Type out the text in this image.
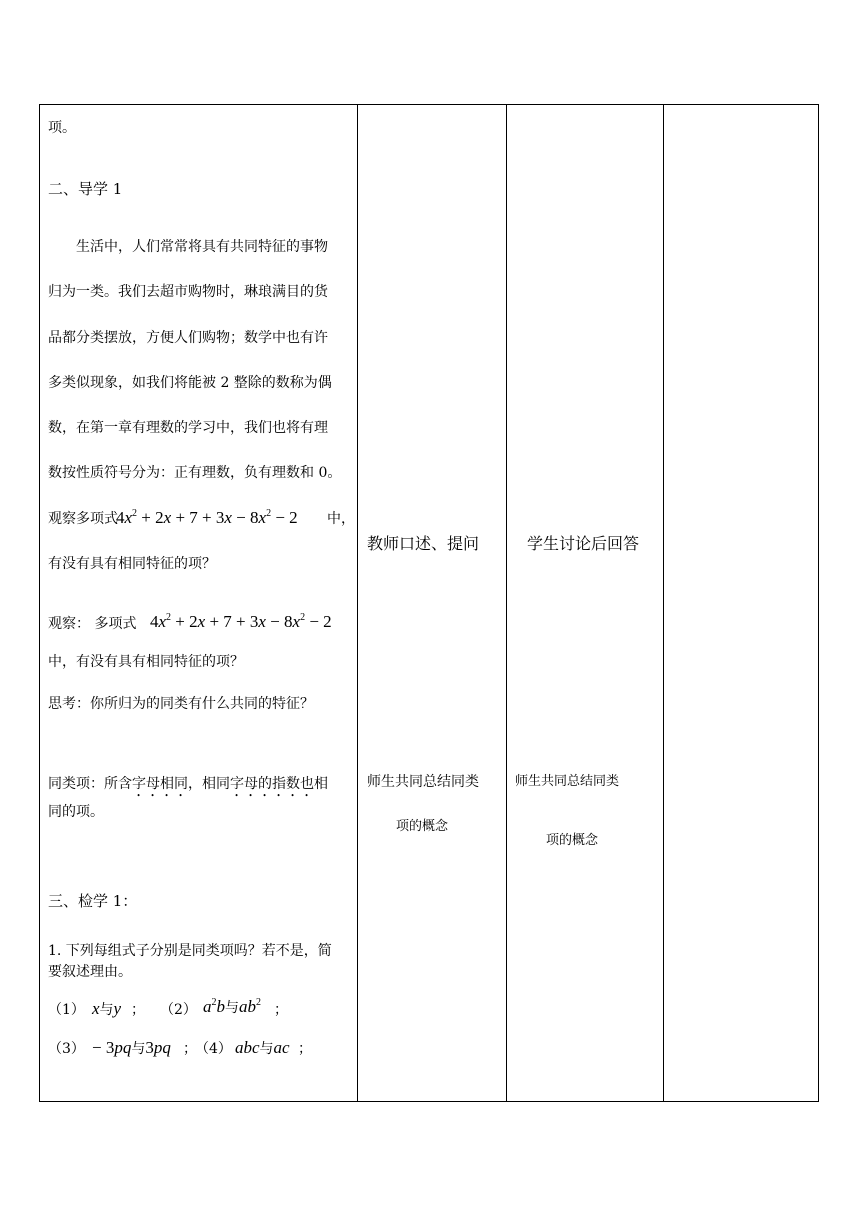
项。
二、导学 1
生活中，人们常常将具有共同特征的事物
归为一类。我们去超市购物时，琳琅满目的货
品都分类摆放，方便人们购物；数学中也有许
多类似现象，如我们将能被 2 整除的数称为偶
数，在第一章有理数的学习中，我们也将有理
数按性质符号分为：正有理数，负有理数和 0。
观察多项式
$4x^2 + 2x + 7 + 3x - 8x^2 - 2$ 中，
有没有具有相同特征的项？
观察： 多项式 $4x^2 + 2x + 7 + 3x - 8x^2 - 2$
中，有没有具有相同特征的项？
思考：你所归为的同类有什么共同的特征？
同类项：所含字母相同，相同字母的指数也相
同的项。
三、检学 1：
1. 下列每组式子分别是同类项吗？若不是，简
要叙述理由。
（1） x与y ； （2） $a^2b$与$ab^2$ ；
（3） − 3pq与3pq ；
（4） abc与ac ；
教师口述、提问
师生共同总结同类
项的概念
学生讨论后回答
师生共同总结同类
项的概念
